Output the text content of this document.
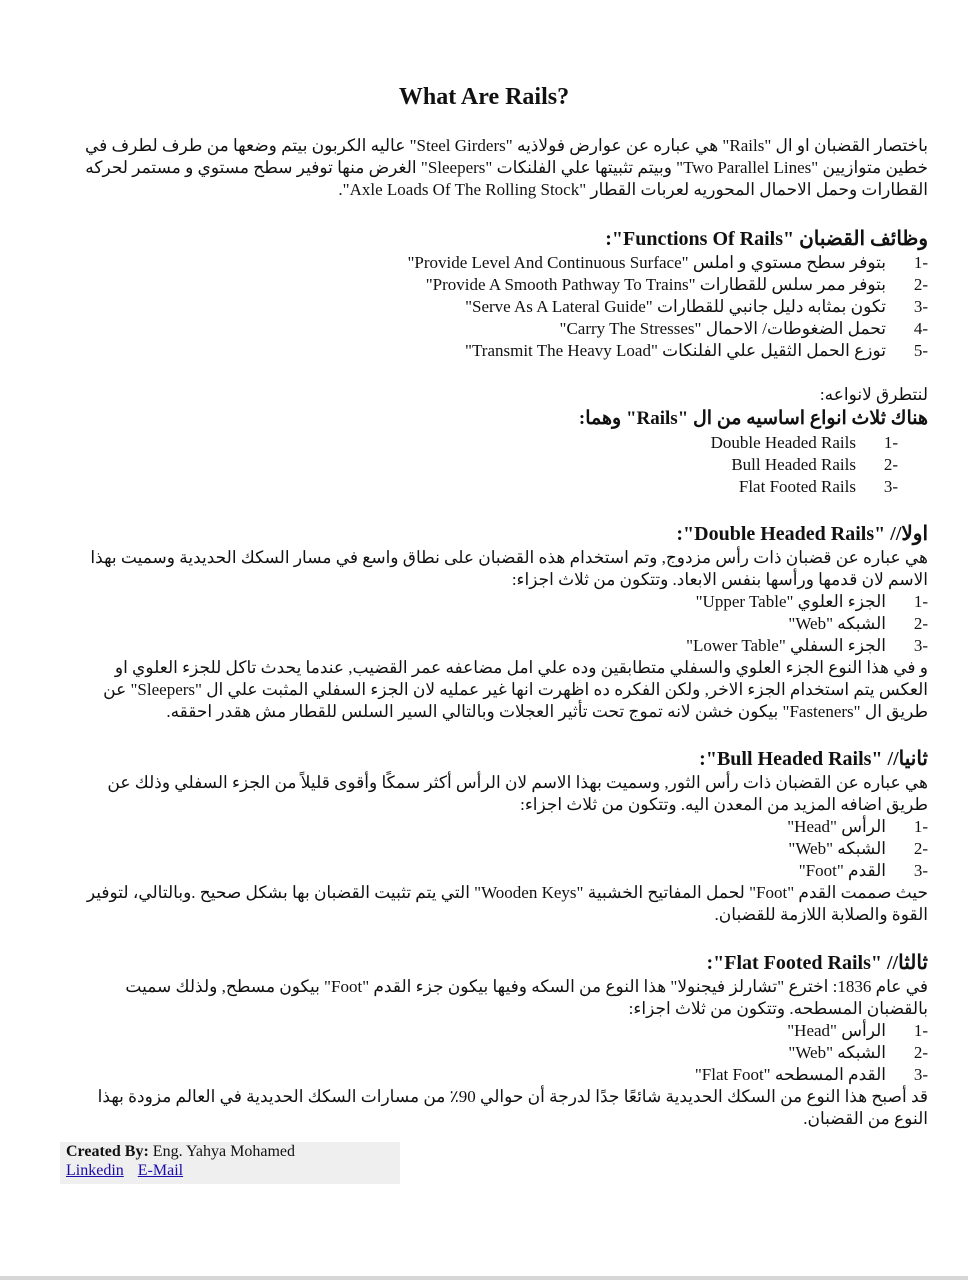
What Are Rails?

باختصار القضبان او ال "Rails" هي عباره عن عوارض فولاذيه "Steel Girders" عاليه الكربون بيتم وضعها من طرف لطرف في خطين متوازيين "Two Parallel Lines" وبيتم تثبيتها علي الفلنكات "Sleepers" الغرض منها توفير سطح مستوي و مستمر لحركه القطارات وحمل الاحمال المحوريه لعربات القطار "Axle Loads Of The Rolling Stock".

وظائف القضبان "Functions Of Rails":

1-
بتوفر سطح مستوي و املس "Provide Level And Continuous Surface"
2-
بتوفر ممر سلس للقطارات "Provide A Smooth Pathway To Trains"
3-
تكون بمثابه دليل جانبي للقطارات "Serve As A Lateral Guide"
4-
تحمل الضغوطات/ الاحمال "Carry The Stresses"
5-
توزع الحمل الثقيل علي الفلنكات "Transmit The Heavy Load"

لنتطرق لانواعه:

هناك ثلاث انواع اساسيه من ال "Rails" وهما:

1-
Double Headed Rails
2-
Bull Headed Rails
3-
Flat Footed Rails

اولا// "Double Headed Rails":

هي عباره عن قضبان ذات رأس مزدوج, وتم استخدام هذه القضبان على نطاق واسع في مسار السكك الحديدية وسميت بهذا الاسم لان قدمها ورأسها بنفس الابعاد. وتتكون من ثلاث اجزاء:

1-
الجزء العلوي "Upper Table"
2-
الشبكه "Web"
3-
الجزء السفلي "Lower Table"

و في هذا النوع الجزء العلوي والسفلي متطابقين وده علي امل مضاعفه عمر القضيب, عندما يحدث تاكل للجزء العلوي او العكس يتم استخدام الجزء الاخر, ولكن الفكره ده اظهرت انها غير عمليه لان الجزء السفلي المثبت علي ال "Sleepers" عن طريق ال "Fasteners" بيكون خشن لانه تموج تحت تأثير العجلات وبالتالي السير السلس للقطار مش هقدر احققه.

ثانيا// "Bull Headed Rails":

هي عباره عن القضبان ذات رأس الثور, وسميت بهذا الاسم لان الرأس أكثر سمكًا وأقوى قليلاً من الجزء السفلي وذلك عن طريق اضافه المزيد من المعدن اليه. وتتكون من ثلاث اجزاء:

1-
الرأس "Head"
2-
الشبكه "Web"
3-
القدم "Foot"

حيث صممت القدم "Foot" لحمل المفاتيح الخشبية "Wooden Keys" التي يتم تثبيت القضبان بها بشكل صحيح .وبالتالي، لتوفير القوة والصلابة اللازمة للقضبان.

ثالثا// "Flat Footed Rails":

في عام 1836: اخترع "تشارلز فيجنولا" هذا النوع من السكه وفيها بيكون جزء القدم "Foot" بيكون مسطح, ولذلك سميت بالقضبان المسطحه. وتتكون من ثلاث اجزاء:

1-
الرأس "Head"
2-
الشبكه "Web"
3-
القدم المسطحه "Flat Foot"

قد أصبح هذا النوع من السكك الحديدية شائعًا جدًا لدرجة أن حوالي 90٪ من مسارات السكك الحديدية في العالم مزودة بهذا النوع من القضبان.

Created By: Eng. Yahya Mohamed
Linkedin E-Mail
